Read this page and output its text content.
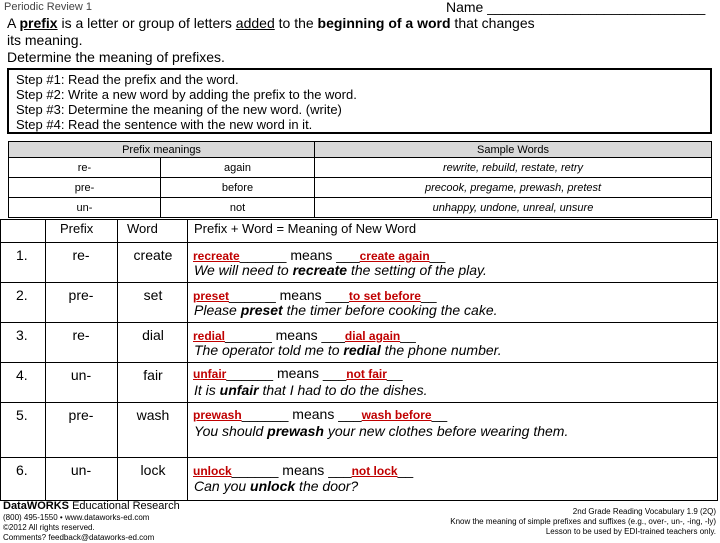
Periodic Review 1	Name ____________________________
A prefix is a letter or group of letters added to the beginning of a word that changes
its meaning.
Determine the meaning of prefixes.
Step #1: Read the prefix and the word.
Step #2: Write a new word by adding the prefix to the word.
Step #3: Determine the meaning of the new word. (write)
Step #4: Read the sentence with the new word in it.
Prefix meanings		Sample Words
re-	again	rewrite, rebuild, restate, retry
pre-	before	precook, pregame, prewash, pretest
un-	not	unhappy, undone, unreal, unsure
Prefix	Word	Prefix + Word = Meaning of New Word
1.	re-	create	recreate______ means ___create again__
We will need to recreate the setting of the play.
2.	pre-	set	preset______ means ___to set before__
Please preset the timer before cooking the cake.
3.	re-	dial	redial______ means ___dial again__
The operator told me to redial the phone number.
4.	un-	fair	unfair______ means ___not fair__
It is unfair that I had to do the dishes.
5.	pre-	wash	prewash______ means ___wash before__
You should prewash your new clothes before wearing them.
6.	un-	lock	unlock______ means ___not lock__
Can you unlock the door?
DataWORKS Educational Research
(800) 495-1550 • www.dataworks-ed.com
©2012 All rights reserved.
Comments? feedback@dataworks-ed.com
2nd Grade Reading Vocabulary 1.9 (2Q)
Know the meaning of simple prefixes and suffixes (e.g., over-, un-, -ing, -ly)
Lesson to be used by EDI-trained teachers only.
